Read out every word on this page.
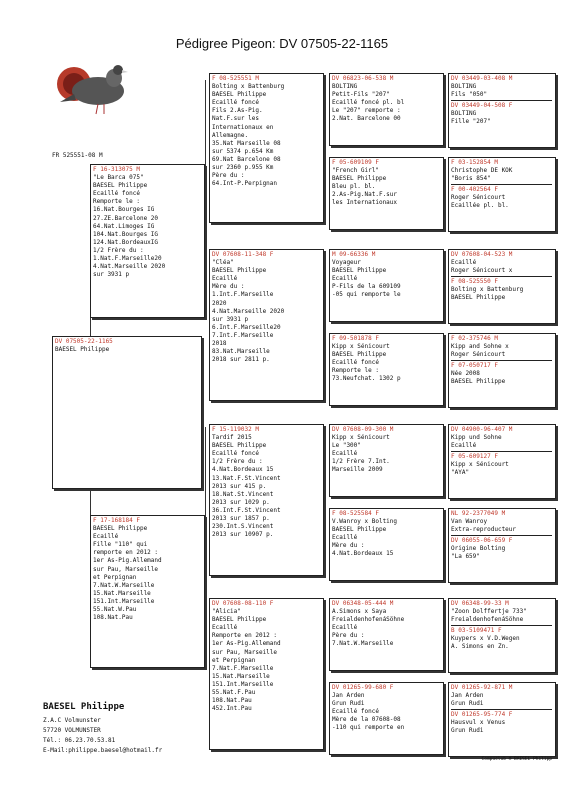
Pédigree Pigeon: DV 07505-22-1165
FR 525551-08 M
DV 07505-22-1165
BAESEL Philippe
F 16-313075 M
"Le Barca 075"
BAESEL Philippe
Ecaillé foncé
Remporte le :
16.Nat.Bourges IG
27.ZE.Barcelone 20
64.Nat.Limoges IG
104.Nat.Bourges IG
124.Nat.BordeauxIG
1/2 Frère du :
1.Nat.F.Marseille20
4.Nat.Marseille 2020
sur 3931 p
F 17-168184 F
BAESEL Philippe
Ecaillé
Fille "110" qui
remporte en 2012 :
1er As-Pig.Allemand
sur Pau, Marseille
et Perpignan
7.Nat.W.Marseille
15.Nat.Marseille
151.Int.Marseille
55.Nat.W.Pau
108.Nat.Pau
F 08-525551 M
Bolting x Battenburg
BAESEL Philippe
Ecaillé foncé
Fils 2.As-Pig.
Nat.F.sur les
Internationaux en
Allemagne.
35.Nat Marseille 08
sur 5374 p.654 Km
69.Nat Barcelone 08
sur 2360 p.955 Km
Père du :
64.Int-P.Perpignan
DV 07608-11-348 F
"Cléa"
BAESEL Philippe
Ecaillé
Mère du :
1.Int.F.Marseille
2020
4.Nat.Marseille 2020
sur 3931 p
6.Int.F.Marseille20
7.Int.F.Marseille
2018
83.Nat.Marseille
2018 sur 2811 p.
F 15-119032 M
Tardif 2015
BAESEL Philippe
Ecaillé foncé
1/2 Frère du :
4.Nat.Bordeaux 15
13.Nat.F.St.Vincent
2013 sur 415 p.
18.Nat.St.Vincent
2013 sur 1029 p.
36.Int.F.St.Vincent
2013 sur 1857 p.
230.Int.S.Vincent
2013 sur 10907 p.
DV 07608-08-110 F
"Alicia"
BAESEL Philippe
Ecaillé
Remporte en 2012 :
1er As-Pig.Allemand
sur Pau, Marseille
et Perpignan
7.Nat.F.Marseille
15.Nat.Marseille
151.Int.Marseille
55.Nat.F.Pau
108.Nat.Pau
452.Int.Pau
DV 06823-06-538 M
BOLTING
Petit-Fils "207"
Ecaillé foncé pl. bl
Le "207" remporte :
2.Nat. Barcelone 00
F 05-609109 F
"French Girl"
BAESEL Philippe
Bleu pl. bl.
2.As-Pig.Nat.F.sur
les Internationaux
M 09-66336 M
Voyageur
BAESEL Philippe
Ecaillé
P-Fils de la 609109
-05 qui remporte le
F 09-501878 F
Kipp x Sénicourt
BAESEL Philippe
Ecaillé foncé
Remporte le :
73.Neufchat. 1302 p
DV 07608-09-300 M
Kipp x Sénicourt
Le "300"
Ecaillé
1/2 Frère 7.Int.
Marseille 2009
F 08-525584 F
V.Wanroy x Bolting
BAESEL Philippe
Ecaillé
Mère du :
4.Nat.Bordeaux 15
DV 06348-05-444 M
A.Simons x Saya
FreialdenhofenáSöhne
Ecaillé
Père du :
7.Nat.W.Marseille
DV 01265-99-680 F
Jan Arden
Grun Rudi
Ecaillé foncé
Mère de la 07608-08
-110 qui remporte en
DV 03449-03-408 M
BOLTING
Fils "050"
DV 03449-04-508 F
BOLTING
Fille "207"
F 03-152854 M
Christophe DE KOK
"Boris 854"
F 00-402564 F
Roger Sénicourt
Ecaillée pl. bl.
DV 07608-04-523 M
Ecaillé
Roger Sénicourt x
F 08-525550 F
Bolting x Battenburg
BAESEL Philippe
F 02-375746 M
Kipp and Sohne x
Roger Sénicourt
F 07-050717 F
Née 2008
BAESEL Philippe
DV 04900-96-407 M
Kipp und Sohne
Ecaillé
F 05-609127 F
Kipp x Sénicourt
"AYA"
NL 92-2377049 M
Van Wanroy
Extra-reproducteur
DV 06055-06-659 F
Origine Bolting
"La 659"
DV 06348-99-33 M
"Zoon Dolffertje 733"
FreialdenhofenáSöhne
B 03-5109471 F
Kuypers x V.D.Wegen
A. Simons en Zn.
DV 01265-92-871 M
Jan Arden
Grun Rudi
DV 01265-95-774 F
Hausvul x Venus
Grun Rudi
BAESEL Philippe
Z.A.C Volmunster
57720 VOLMUNSTER
Tél.: 06.23.70.53.81
E-Mail:philippe.baesel@hotmail.fr
Compuclub ® BAESEL Philipp
